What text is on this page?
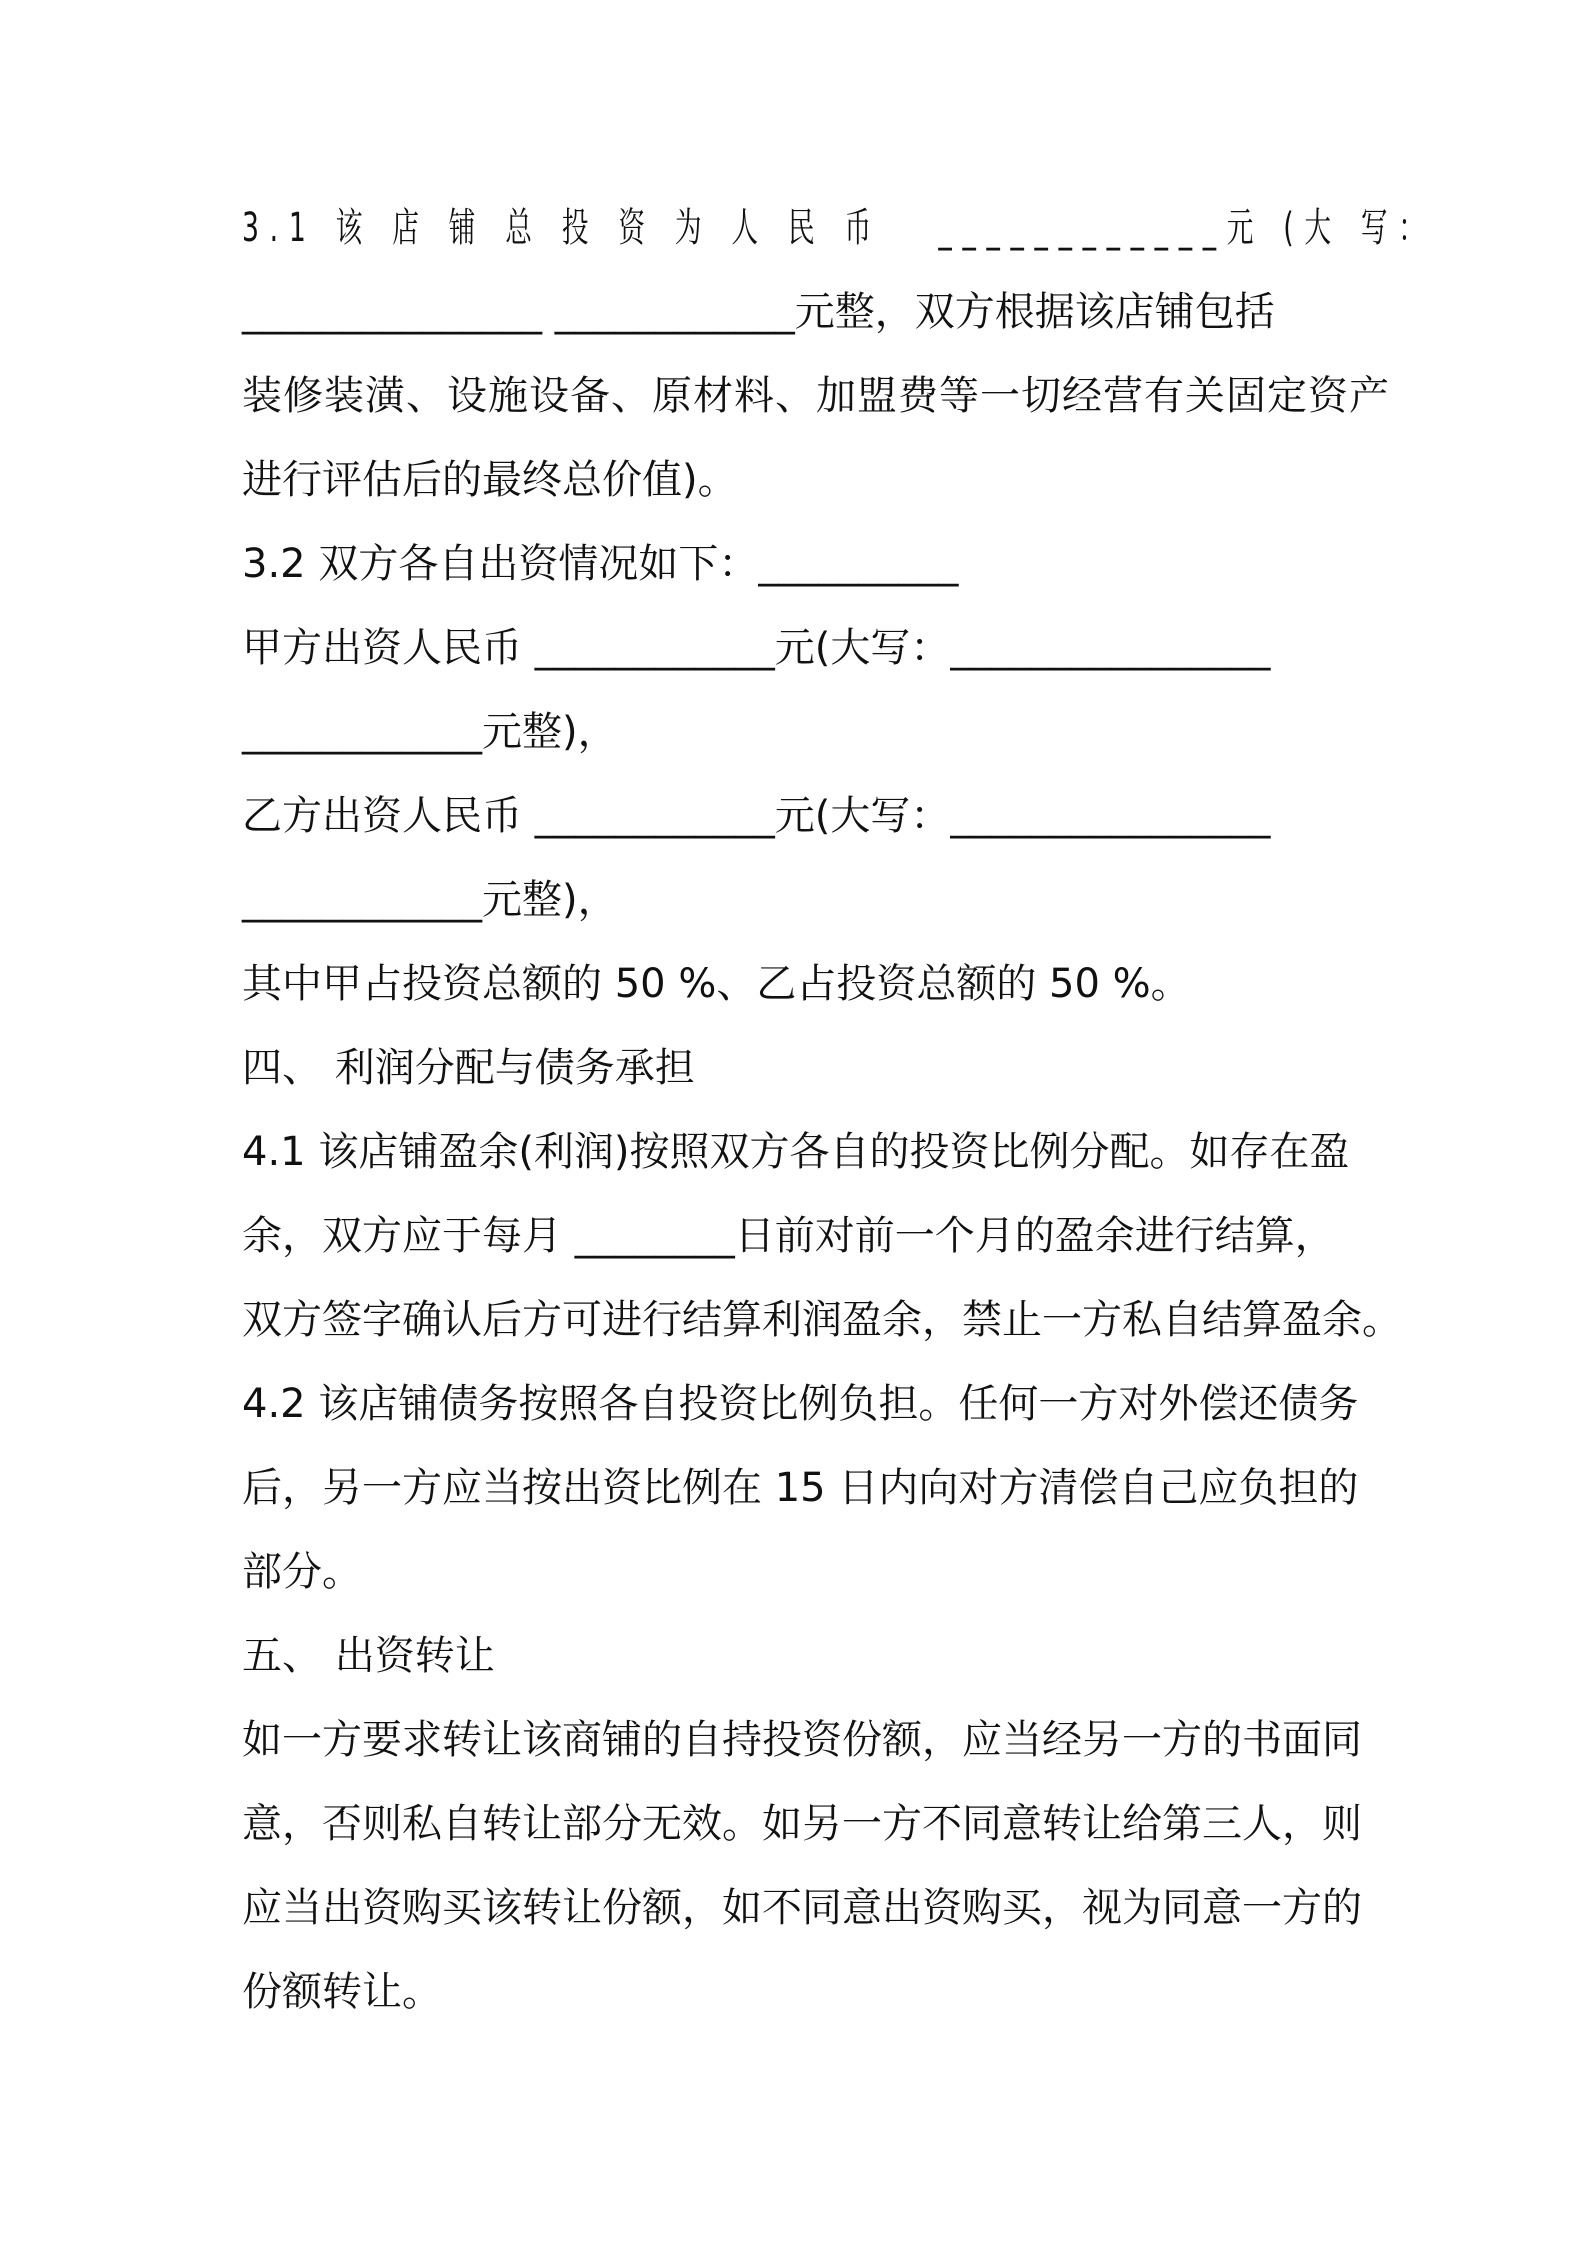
3.1 该 店 铺 总 投 资 为 人 民 币　 ____________元 (大 写：

_______________ ____________元整，双方根据该店铺包括

装修装潢、设施设备、原材料、加盟费等一切经营有关固定资产

进行评估后的最终总价值)。

3.2 双方各自出资情况如下：__________

甲方出资人民币 ____________元(大写：________________

____________元整)，

乙方出资人民币 ____________元(大写：________________

____________元整)，

其中甲占投资总额的 50 %、乙占投资总额的 50 %。

四、 利润分配与债务承担

4.1 该店铺盈余(利润)按照双方各自的投资比例分配。如存在盈

余，双方应于每月 ________日前对前一个月的盈余进行结算，

双方签字确认后方可进行结算利润盈余，禁止一方私自结算盈余。

4.2 该店铺债务按照各自投资比例负担。任何一方对外偿还债务

后，另一方应当按出资比例在 15 日内向对方清偿自己应负担的

部分。

五、 出资转让

如一方要求转让该商铺的自持投资份额，应当经另一方的书面同

意，否则私自转让部分无效。如另一方不同意转让给第三人，则

应当出资购买该转让份额，如不同意出资购买，视为同意一方的

份额转让。
